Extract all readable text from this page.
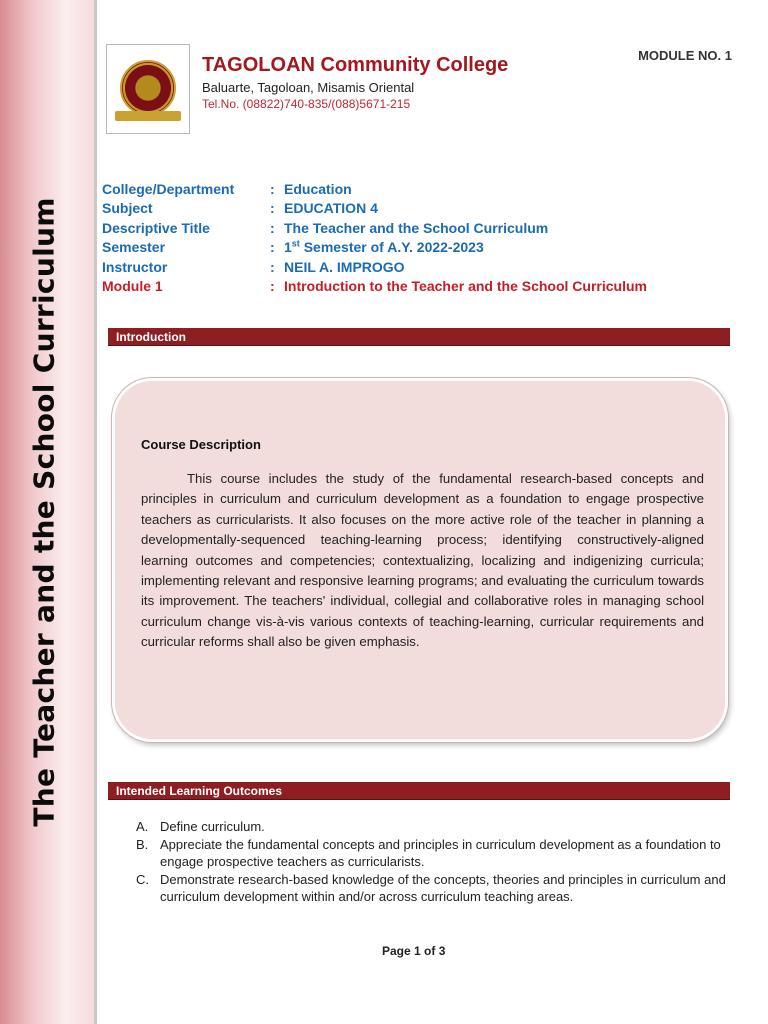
The Teacher and the School Curriculum
TAGOLOAN Community College
Baluarte, Tagoloan, Misamis Oriental
Tel.No. (08822)740-835/(088)5671-215
MODULE NO. 1
College/Department	:	Education
Subject	:	EDUCATION 4
Descriptive Title	:	The Teacher and the School Curriculum
Semester	:	1st Semester of A.Y. 2022-2023
Instructor	:	NEIL A. IMPROGO
Module 1	:	Introduction to the Teacher and the School Curriculum
Introduction
Course Description

This course includes the study of the fundamental research-based concepts and principles in curriculum and curriculum development as a foundation to engage prospective teachers as curricularists. It also focuses on the more active role of the teacher in planning a developmentally-sequenced teaching-learning process; identifying constructively-aligned learning outcomes and competencies; contextualizing, localizing and indigenizing curricula; implementing relevant and responsive learning programs; and evaluating the curriculum towards its improvement. The teachers' individual, collegial and collaborative roles in managing school curriculum change vis-à-vis various contexts of teaching-learning, curricular requirements and curricular reforms shall also be given emphasis.

Intended Learning Outcomes
A. Define curriculum.
B. Appreciate the fundamental concepts and principles in curriculum development as a foundation to engage prospective teachers as curricularists.
C. Demonstrate research-based knowledge of the concepts, theories and principles in curriculum and curriculum development within and/or across curriculum teaching areas.
Page 1 of 3
